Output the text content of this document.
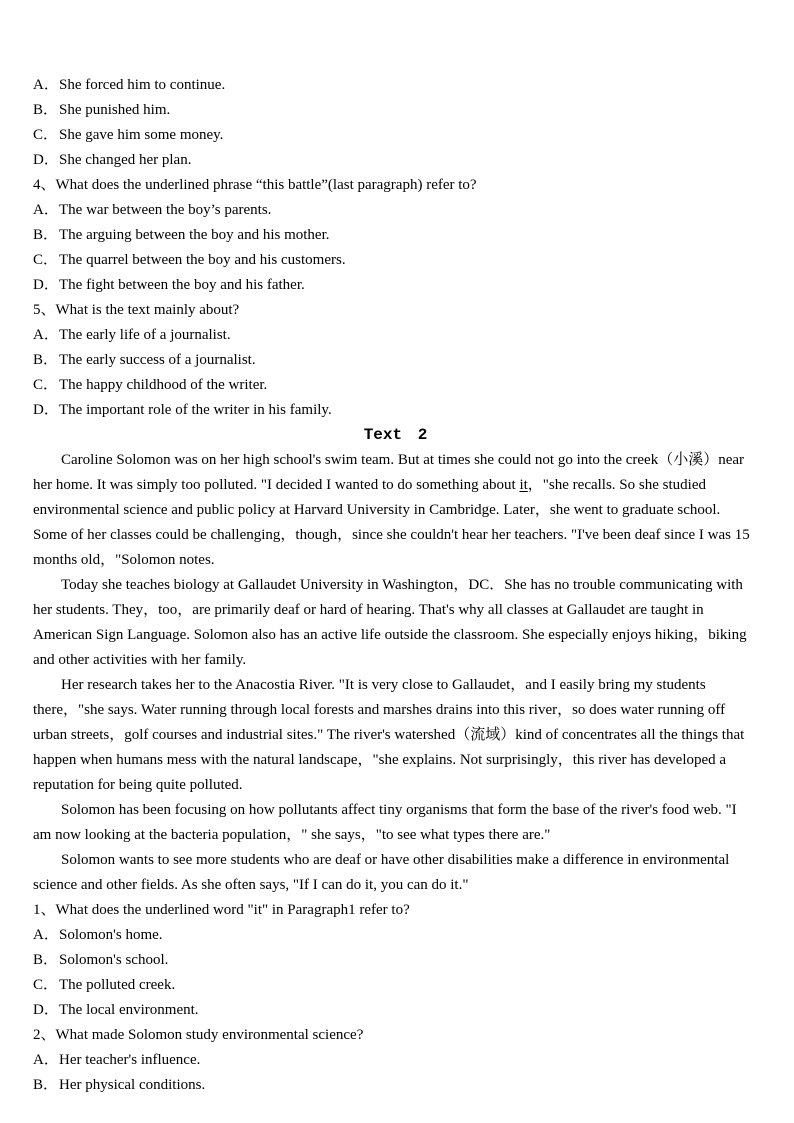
A．She forced him to continue.
B．She punished him.
C．She gave him some money.
D．She changed her plan.
4、What does the underlined phrase “this battle”(last paragraph) refer to?
A．The war between the boy’s parents.
B．The arguing between the boy and his mother.
C．The quarrel between the boy and his customers.
D．The fight between the boy and his father.
5、What is the text mainly about?
A．The early life of a journalist.
B．The early success of a journalist.
C．The happy childhood of the writer.
D．The important role of the writer in his family.
Text 2

Caroline Solomon was on her high school's swim team. But at times she could not go into the creek（小溪）near her home. It was simply too polluted. "I decided I wanted to do something about it，"she recalls. So she studied environmental science and public policy at Harvard University in Cambridge. Later，she went to graduate school. Some of her classes could be challenging，though，since she couldn't hear her teachers. "I've been deaf since I was 15 months old，"Solomon notes.

Today she teaches biology at Gallaudet University in Washington，DC．She has no trouble communicating with her students. They，too，are primarily deaf or hard of hearing. That's why all classes at Gallaudet are taught in American Sign Language. Solomon also has an active life outside the classroom. She especially enjoys hiking，biking and other activities with her family.

Her research takes her to the Anacostia River. "It is very close to Gallaudet，and I easily bring my students there，"she says. Water running through local forests and marshes drains into this river，so does water running off urban streets，golf courses and industrial sites." The river's watershed（流域）kind of concentrates all the things that happen when humans mess with the natural landscape，"she explains. Not surprisingly，this river has developed a reputation for being quite polluted.

Solomon has been focusing on how pollutants affect tiny organisms that form the base of the river's food web. "I am now looking at the bacteria population，" she says，"to see what types there are."

Solomon wants to see more students who are deaf or have other disabilities make a difference in environmental science and other fields. As she often says, "If I can do it, you can do it."

1、What does the underlined word "it" in Paragraph1 refer to?
A．Solomon's home.
B．Solomon's school.
C．The polluted creek.
D．The local environment.
2、What made Solomon study environmental science?
A．Her teacher's influence.
B．Her physical conditions.
